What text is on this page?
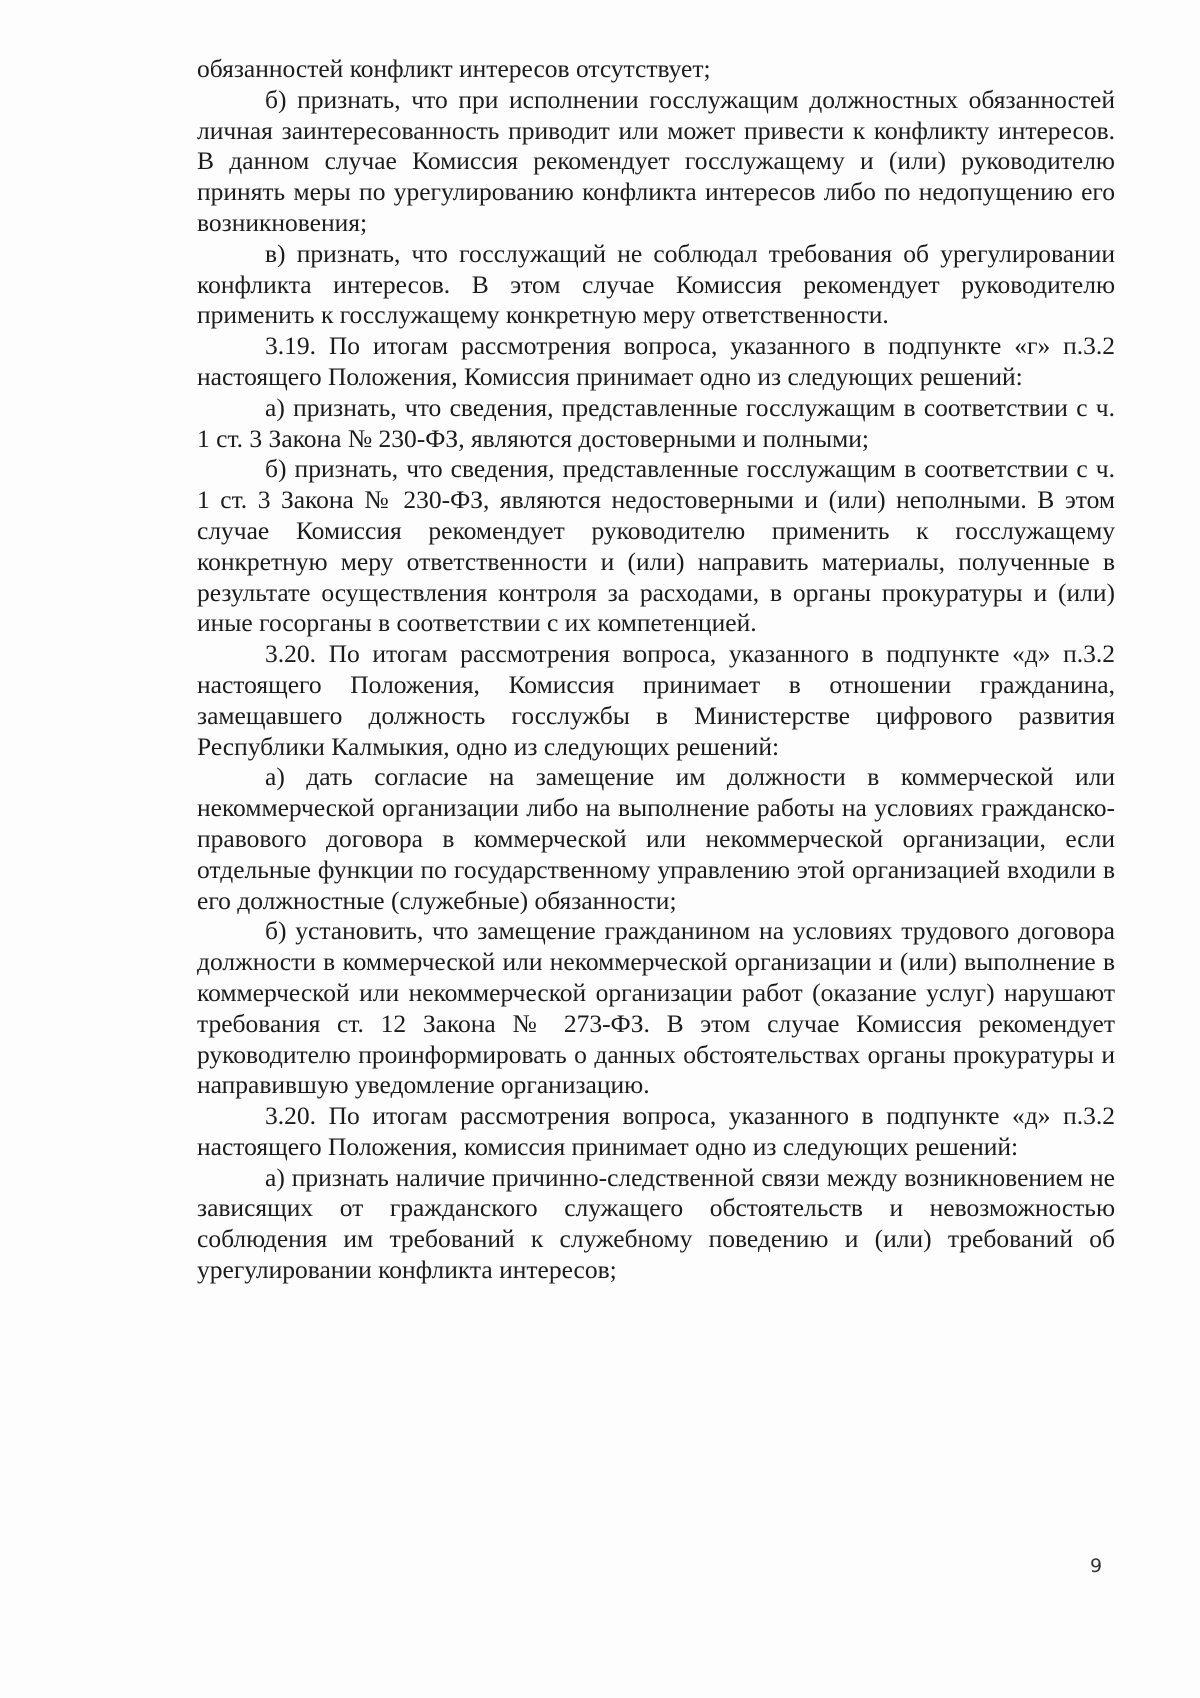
обязанностей конфликт интересов отсутствует;

б) признать, что при исполнении госслужащим должностных обязанностей личная заинтересованность приводит или может привести к конфликту интересов. В данном случае Комиссия рекомендует госслужащему и (или) руководителю принять меры по урегулированию конфликта интересов либо по недопущению его возникновения;

в) признать, что госслужащий не соблюдал требования об урегулировании конфликта интересов. В этом случае Комиссия рекомендует руководителю применить к госслужащему конкретную меру ответственности.

3.19. По итогам рассмотрения вопроса, указанного в подпункте «г» п.3.2 настоящего Положения, Комиссия принимает одно из следующих решений:

а) признать, что сведения, представленные госслужащим в соответствии с ч. 1 ст. 3 Закона № 230-ФЗ, являются достоверными и полными;

б) признать, что сведения, представленные госслужащим в соответствии с ч. 1 ст. 3 Закона № 230-ФЗ, являются недостоверными и (или) неполными. В этом случае Комиссия рекомендует руководителю применить к госслужащему конкретную меру ответственности и (или) направить материалы, полученные в результате осуществления контроля за расходами, в органы прокуратуры и (или) иные госорганы в соответствии с их компетенцией.

3.20. По итогам рассмотрения вопроса, указанного в подпункте «д» п.3.2 настоящего Положения, Комиссия принимает в отношении гражданина, замещавшего должность госслужбы в Министерстве цифрового развития Республики Калмыкия, одно из следующих решений:

а) дать согласие на замещение им должности в коммерческой или некоммерческой организации либо на выполнение работы на условиях гражданско-правового договора в коммерческой или некоммерческой организации, если отдельные функции по государственному управлению этой организацией входили в его должностные (служебные) обязанности;

б) установить, что замещение гражданином на условиях трудового договора должности в коммерческой или некоммерческой организации и (или) выполнение в коммерческой или некоммерческой организации работ (оказание услуг) нарушают требования ст. 12 Закона № 273-ФЗ. В этом случае Комиссия рекомендует руководителю проинформировать о данных обстоятельствах органы прокуратуры и направившую уведомление организацию.

3.20. По итогам рассмотрения вопроса, указанного в подпункте «д» п.3.2 настоящего Положения, комиссия принимает одно из следующих решений:

а) признать наличие причинно-следственной связи между возникновением не зависящих от гражданского служащего обстоятельств и невозможностью соблюдения им требований к служебному поведению и (или) требований об урегулировании конфликта интересов;

9
